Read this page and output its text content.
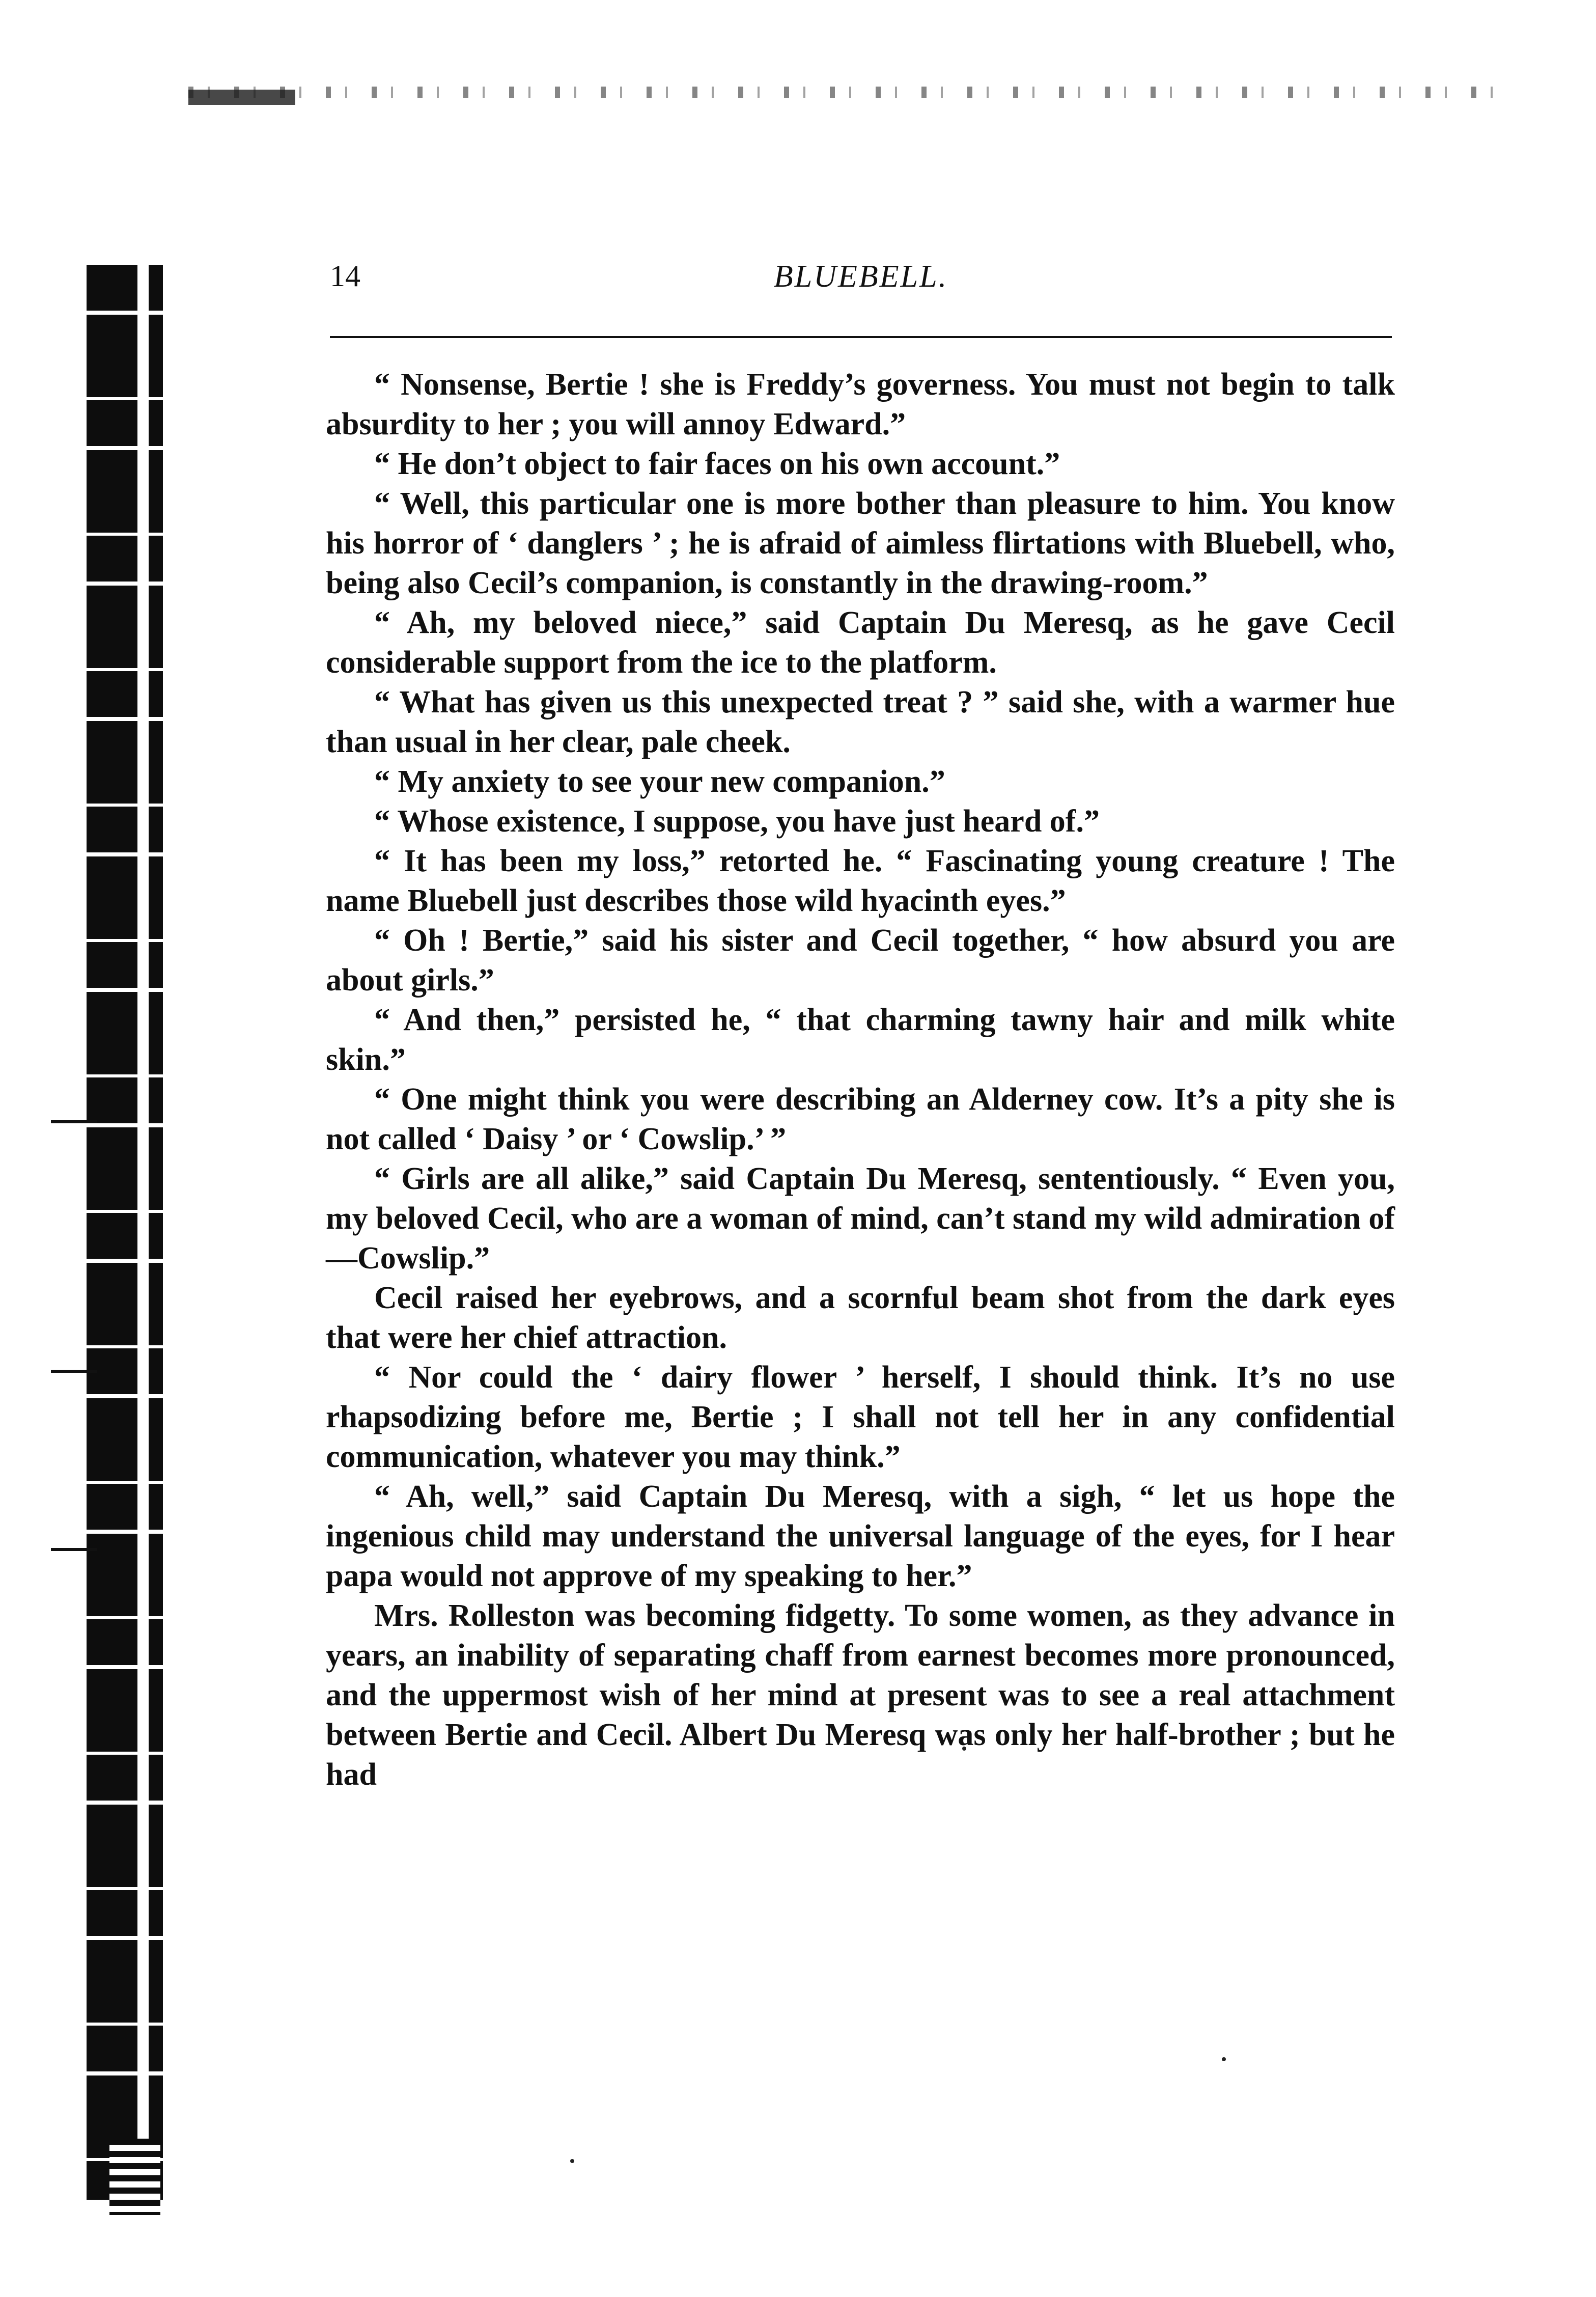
14	BLUEBELL.

“ Nonsense, Bertie ! she is Freddy’s governess. You must not begin to talk absurdity to her ; you will annoy Edward.”

“ He don’t object to fair faces on his own account.”

“ Well, this particular one is more bother than pleasure to him. You know his horror of ‘ danglers ’ ; he is afraid of aimless flirtations with Bluebell, who, being also Cecil’s companion, is constantly in the drawing-room.”

“ Ah, my beloved niece,” said Captain Du Meresq, as he gave Cecil considerable support from the ice to the platform.

“ What has given us this unexpected treat ? ” said she, with a warmer hue than usual in her clear, pale cheek.

“ My anxiety to see your new companion.”

“ Whose existence, I suppose, you have just heard of.”

“ It has been my loss,” retorted he. “ Fascinating young creature ! The name Bluebell just describes those wild hyacinth eyes.”

“ Oh ! Bertie,” said his sister and Cecil together, “ how absurd you are about girls.”

“ And then,” persisted he, “ that charming tawny hair and milk white skin.”

“ One might think you were describing an Alderney cow. It’s a pity she is not called ‘ Daisy ’ or ‘ Cowslip.’ ”

“ Girls are all alike,” said Captain Du Meresq, sententiously. “ Even you, my beloved Cecil, who are a woman of mind, can’t stand my wild admiration of—Cowslip.”

Cecil raised her eyebrows, and a scornful beam shot from the dark eyes that were her chief attraction.

“ Nor could the ‘ dairy flower ’ herself, I should think. It’s no use rhapsodizing before me, Bertie ; I shall not tell her in any confidential communication, whatever you may think.”

“ Ah, well,” said Captain Du Meresq, with a sigh, “ let us hope the ingenious child may understand the universal language of the eyes, for I hear papa would not approve of my speaking to her.”

Mrs. Rolleston was becoming fidgetty. To some women, as they advance in years, an inability of separating chaff from earnest becomes more pronounced, and the uppermost wish of her mind at present was to see a real attachment between Bertie and Cecil. Albert Du Meresq was only her half-brother ; but he had
